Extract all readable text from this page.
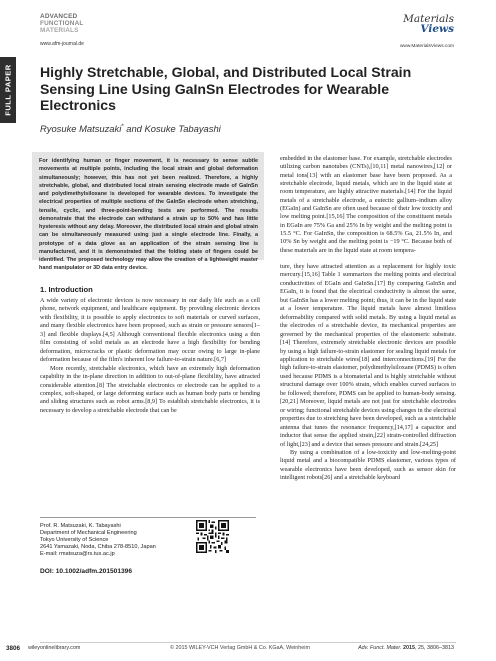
ADVANCED
FUNCTIONAL
MATERIALS
www.afm-journal.de
Materials
Views
www.MaterialsViews.com
FULL PAPER Highly Stretchable, Global, and Distributed Local Strain Sensing Line Using GaInSn Electrodes for Wearable Electronics
Ryosuke Matsuzaki* and Kosuke Tabayashi

For identifying human or finger movement, it is necessary to sense subtle movements at multiple points, including the local strain and global deformation simultaneously; however, this has not yet been realized. Therefore, a highly stretchable, global, and distributed local strain sensing electrode made of GaInSn and polydimethylsiloxane is developed for wearable devices. To investigate the electrical properties of multiple sections of the GaInSn electrode when stretching, tensile, cyclic, and three-point-bending tests are performed. The results demonstrate that the electrode can withstand a strain up to 50% and has little hysteresis without any delay. Moreover, the distributed local strain and global strain can be simultaneously measured using just a single electrode line. Finally, a prototype of a data glove as an application of the strain sensing line is manufactured, and it is demonstrated that the folding state of fingers could be identified. The proposed technology may allow the creation of a lightweight master hand manipulator or 3D data entry device.

embedded in the elastomer base. For example, stretchable electrodes utilizing carbon nanotubes (CNTs),[10,11] metal nanowires,[12] or metal ions[13] with an elastomer base have been proposed. As a stretchable electrode, liquid metals, which are in the liquid state at room temperature, are highly attractive materials.[14] For the liquid metals of a stretchable electrode, a eutectic gallium–indium alloy (EGaIn) and GaInSn are often used because of their low toxicity and low melting point.[15,16] The composition of the constituent metals in EGaIn are 75% Ga and 25% In by weight and the melting point is 15.5 °C. For GaInSn, the composition is 68.5% Ga, 21.5% In, and 10% Sn by weight and the melting point is −19 °C. Because both of these materials are in the liquid state at room tempera-

1. Introduction

A wide variety of electronic devices is now necessary in our daily life such as a cell phone, network equipment, and healthcare equipment. By providing electronic devices with flexibility, it is possible to apply electronics to soft materials or curved surfaces, and many flexible electronics have been proposed, such as strain or pressure sensors[1–3] and flexible displays.[4,5] Although conventional flexible electronics using a thin film consisting of solid metals as an electrode have a high flexibility for bending deformation, microcracks or plastic deformation may occur owing to large in-plane deformation because of the film's inherent low failure-to-strain nature.[6,7]

More recently, stretchable electronics, which have an extremely high deformation capability in the in-plane direction in addition to out-of-plane flexibility, have attracted considerable attention.[8] The stretchable electronics or electrode can be applied to a complex, soft-shaped, or large deforming surface such as human body parts or bending and sliding structures such as robot arms.[8,9] To establish stretchable electronics, it is necessary to develop a stretchable electrode that can be

ture, they have attracted attention as a replacement for highly toxic mercury.[15,16] Table 1 summarizes the melting points and electrical conductivities of EGaIn and GaInSn.[17] By comparing GaInSn and EGaIn, it is found that the electrical conductivity is almost the same, but GaInSn has a lower melting point; thus, it can be in the liquid state at a lower temperature. The liquid metals have almost limitless deformability compared with solid metals. By using a liquid metal as the electrodes of a stretchable device, its mechanical properties are governed by the mechanical properties of the elastomeric substrate.[14] Therefore, extremely stretchable electronic devices are possible by using a high failure-to-strain elastomer for sealing liquid metals for application to stretchable wires[18] and interconnections.[19] For the high failure-to-strain elastomer, polydimethylsiloxane (PDMS) is often used because PDMS is a biomaterial and is highly stretchable without structural damage over 100% strain, which enables curved surfaces to be followed; therefore, PDMS can be applied to human-body sensing.[20,21] Moreover, liquid metals are not just for stretchable electrodes or wiring; functional stretchable devices using changes in the electrical properties due to stretching have been developed, such as a stretchable antenna that tunes the resonance frequency,[14,17] a capacitor and inductor that sense the applied strain,[22] strain-controlled diffraction of light,[23] and a device that senses pressure and strain.[24,25]

By using a combination of a low-toxicity and low-melting-point liquid metal and a biocompatible PDMS elastomer, various types of wearable electronics have been developed, such as sensor skin for intelligent robots[26] and a stretchable keyboard

Prof. R. Matsuzaki, K. Tabayashi
Department of Mechanical Engineering
Tokyo University of Science
2641 Yamazaki, Noda, Chiba 278-8510, Japan
E-mail: rmatsuza@rs.tus.ac.jp
DOI: 10.1002/adfm.201501396
3806 wileyonlinelibrary.com	© 2015 WILEY-VCH Verlag GmbH & Co. KGaA, Weinheim	Adv. Funct. Mater. 2015, 25, 3806–3813
